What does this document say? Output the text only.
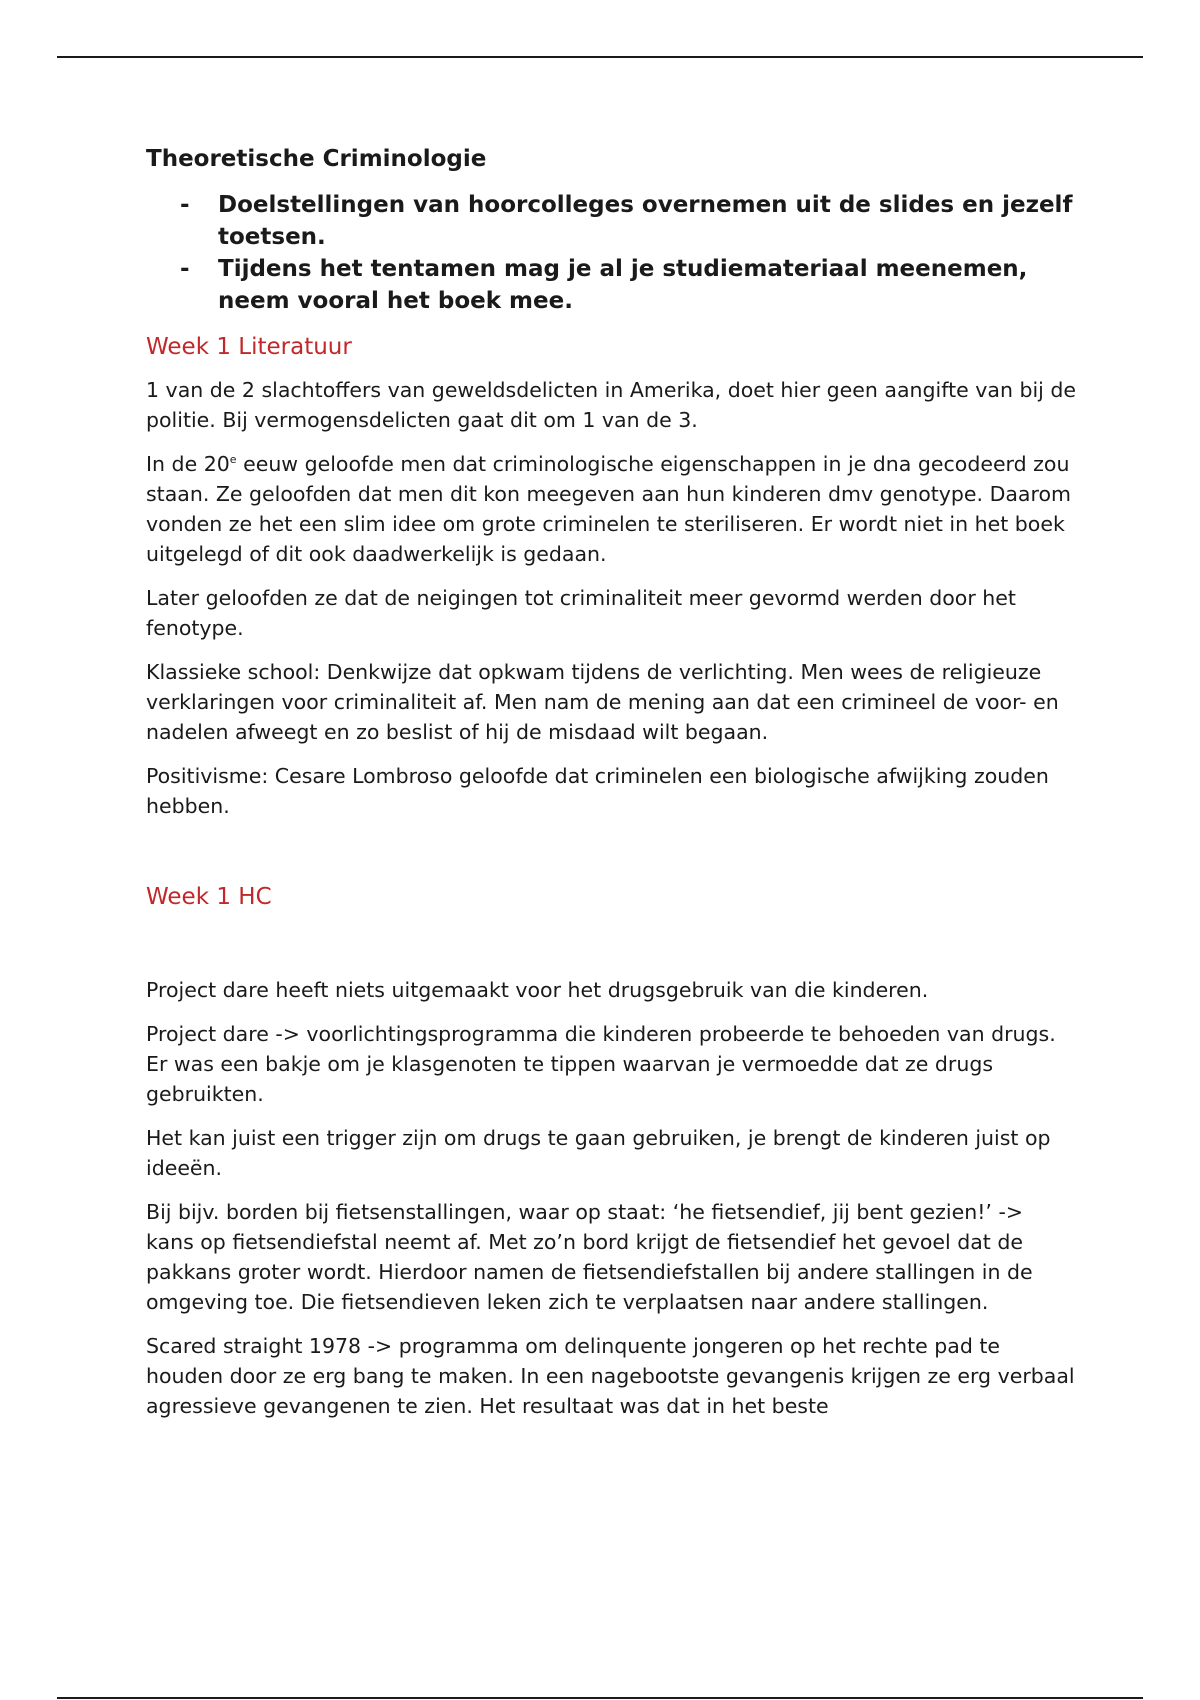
Theoretische Criminologie
- Doelstellingen van hoorcolleges overnemen uit de slides en jezelf toetsen.
- Tijdens het tentamen mag je al je studiemateriaal meenemen, neem vooral het boek mee.
Week 1 Literatuur

1 van de 2 slachtoffers van geweldsdelicten in Amerika, doet hier geen aangifte van bij de politie. Bij vermogensdelicten gaat dit om 1 van de 3.

In de 20e eeuw geloofde men dat criminologische eigenschappen in je dna gecodeerd zou staan. Ze geloofden dat men dit kon meegeven aan hun kinderen dmv genotype. Daarom vonden ze het een slim idee om grote criminelen te steriliseren. Er wordt niet in het boek uitgelegd of dit ook daadwerkelijk is gedaan.

Later geloofden ze dat de neigingen tot criminaliteit meer gevormd werden door het fenotype.

Klassieke school: Denkwijze dat opkwam tijdens de verlichting. Men wees de religieuze verklaringen voor criminaliteit af. Men nam de mening aan dat een crimineel de voor- en nadelen afweegt en zo beslist of hij de misdaad wilt begaan.

Positivisme: Cesare Lombroso geloofde dat criminelen een biologische afwijking zouden hebben.

Week 1 HC

Project dare heeft niets uitgemaakt voor het drugsgebruik van die kinderen.

Project dare -> voorlichtingsprogramma die kinderen probeerde te behoeden van drugs. Er was een bakje om je klasgenoten te tippen waarvan je vermoedde dat ze drugs gebruikten.

Het kan juist een trigger zijn om drugs te gaan gebruiken, je brengt de kinderen juist op ideeën.

Bij bijv. borden bij fietsenstallingen, waar op staat: ‘he fietsendief, jij bent gezien!’ -> kans op fietsendiefstal neemt af. Met zo’n bord krijgt de fietsendief het gevoel dat de pakkans groter wordt. Hierdoor namen de fietsendiefstallen bij andere stallingen in de omgeving toe. Die fietsendieven leken zich te verplaatsen naar andere stallingen.

Scared straight 1978 -> programma om delinquente jongeren op het rechte pad te houden door ze erg bang te maken. In een nagebootste gevangenis krijgen ze erg verbaal agressieve gevangenen te zien. Het resultaat was dat in het beste
